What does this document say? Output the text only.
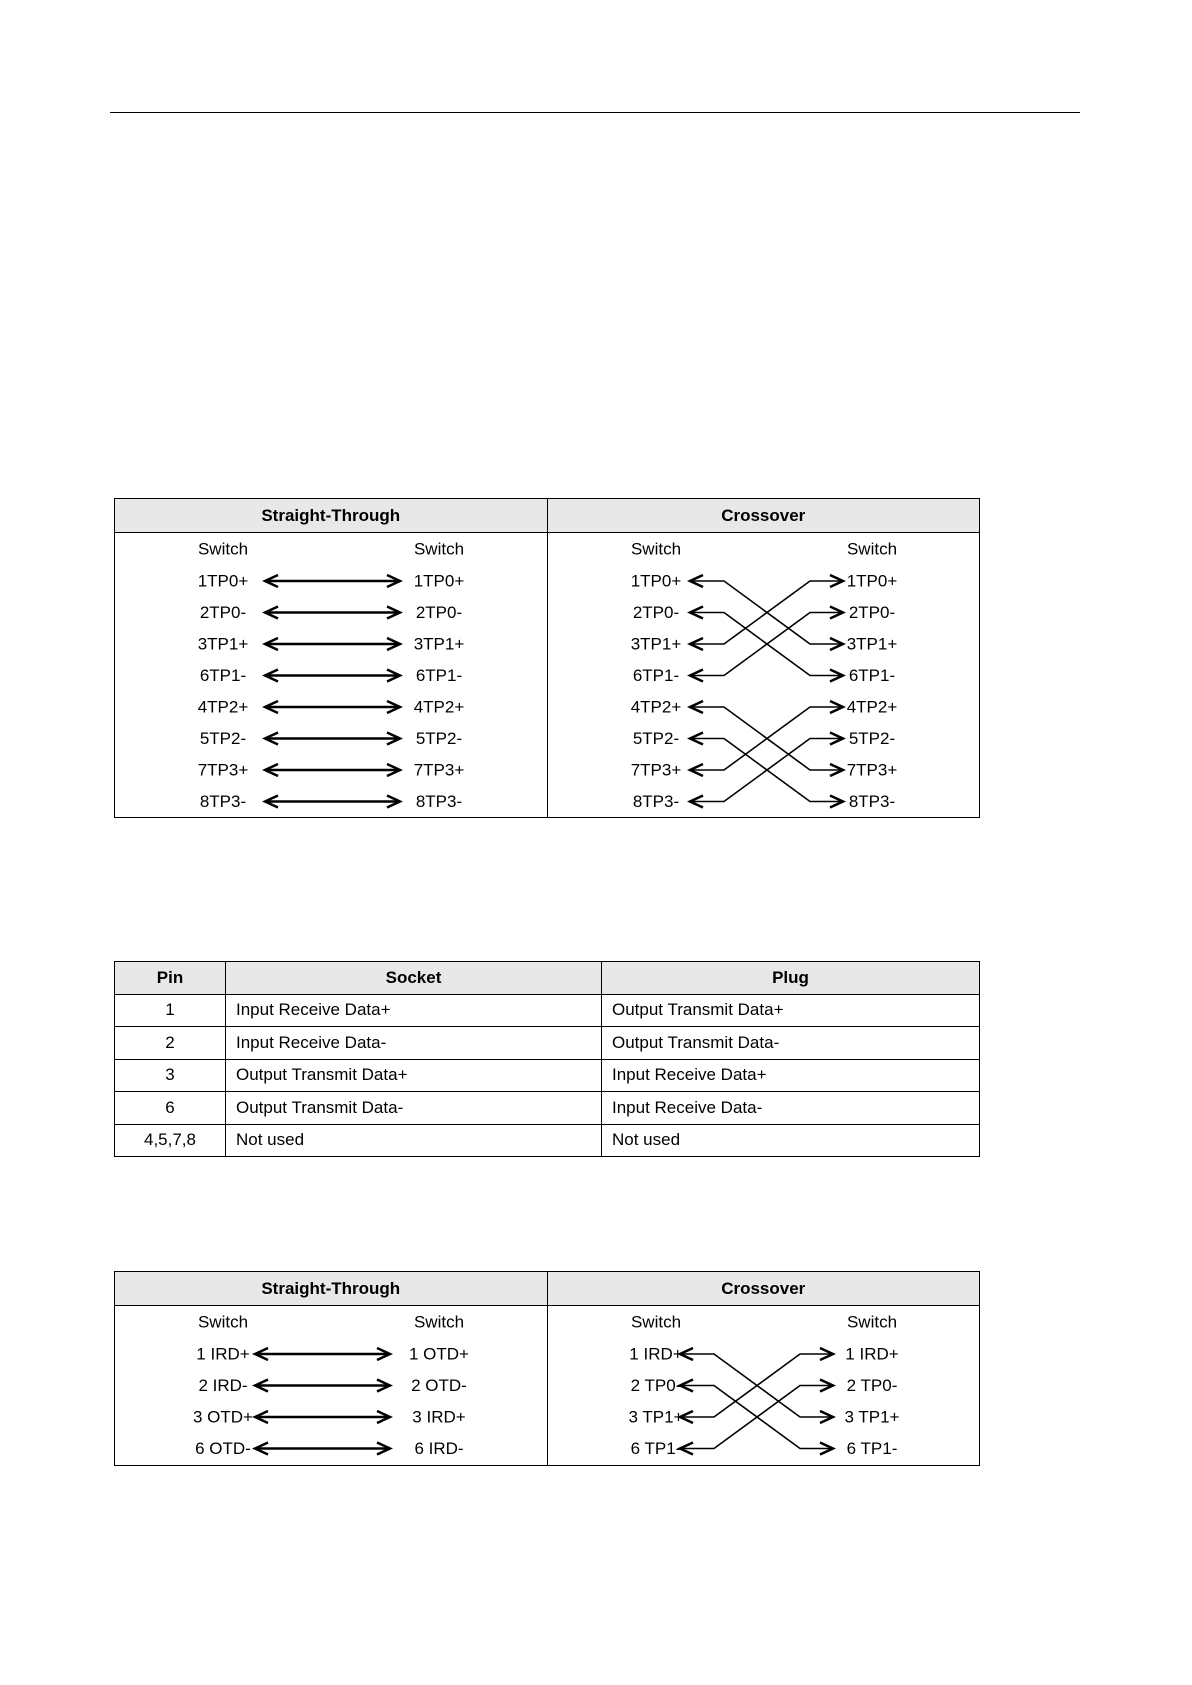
Straight-Through
Switch	Switch
1TP0+	1TP0+
2TP0-	2TP0-
3TP1+	3TP1+
6TP1-	6TP1-
4TP2+	4TP2+
5TP2-	5TP2-
7TP3+	7TP3+
8TP3-	8TP3-
Crossover
Switch	Switch
1TP0+	1TP0+
2TP0-	2TP0-
3TP1+	3TP1+
6TP1-	6TP1-
4TP2+	4TP2+
5TP2-	5TP2-
7TP3+	7TP3+
8TP3-	8TP3-
Pin	Socket	Plug
1	Input Receive Data+	Output Transmit Data+
2	Input Receive Data-	Output Transmit Data-
3	Output Transmit Data+	Input Receive Data+
6	Output Transmit Data-	Input Receive Data-
4,5,7,8	Not used	Not used
Straight-Through
Switch	Switch
1 IRD+	1 OTD+
2 IRD-	2 OTD-
3 OTD+	3 IRD+
6 OTD-	6 IRD-
Crossover
Switch	Switch
1 IRD+	1 IRD+
2 TP0-	2 TP0-
3 TP1+	3 TP1+
6 TP1-	6 TP1-
